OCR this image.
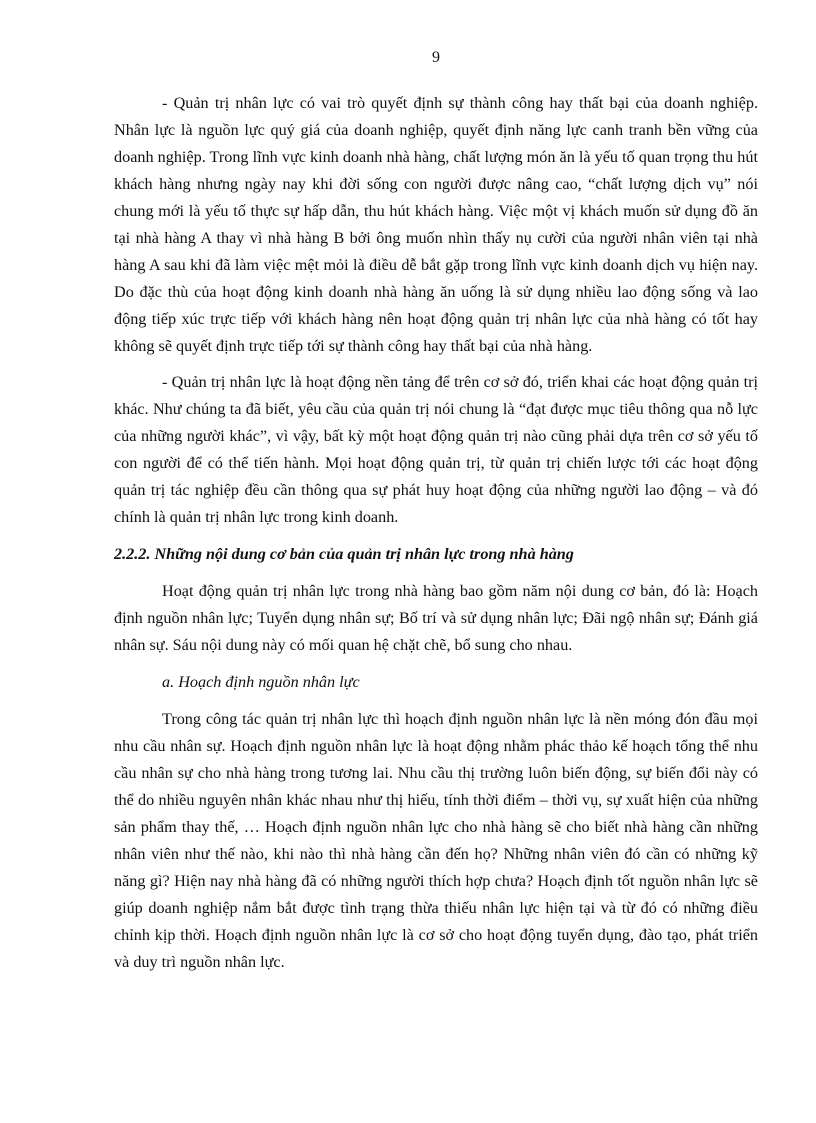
9

- Quản trị nhân lực có vai trò quyết định sự thành công hay thất bại của doanh nghiệp. Nhân lực là nguồn lực quý giá của doanh nghiệp, quyết định năng lực canh tranh bền vững của doanh nghiệp. Trong lĩnh vực kinh doanh nhà hàng, chất lượng món ăn là yếu tố quan trọng thu hút khách hàng nhưng ngày nay khi đời sống con người được nâng cao, “chất lượng dịch vụ” nói chung mới là yếu tố thực sự hấp dẫn, thu hút khách hàng. Việc một vị khách muốn sử dụng đồ ăn tại nhà hàng A thay vì nhà hàng B bởi ông muốn nhìn thấy nụ cười của người nhân viên tại nhà hàng A sau khi đã làm việc mệt mỏi là điều dễ bắt gặp trong lĩnh vực kinh doanh dịch vụ hiện nay. Do đặc thù của hoạt động kinh doanh nhà hàng ăn uống là sử dụng nhiều lao động sống và lao động tiếp xúc trực tiếp với khách hàng nên hoạt động quản trị nhân lực của nhà hàng có tốt hay không sẽ quyết định trực tiếp tới sự thành công hay thất bại của nhà hàng.

- Quản trị nhân lực là hoạt động nền tảng để trên cơ sở đó, triển khai các hoạt động quản trị khác. Như chúng ta đã biết, yêu cầu của quản trị nói chung là “đạt được mục tiêu thông qua nỗ lực của những người khác”, vì vậy, bất kỳ một hoạt động quản trị nào cũng phải dựa trên cơ sở yếu tố con người để có thể tiến hành. Mọi hoạt động quản trị, từ quản trị chiến lược tới các hoạt động quản trị tác nghiệp đều cần thông qua sự phát huy hoạt động của những người lao động – và đó chính là quản trị nhân lực trong kinh doanh.

2.2.2. Những nội dung cơ bản của quản trị nhân lực trong nhà hàng

Hoạt động quản trị nhân lực trong nhà hàng bao gồm năm nội dung cơ bản, đó là: Hoạch định nguồn nhân lực; Tuyển dụng nhân sự; Bố trí và sử dụng nhân lực; Đãi ngộ nhân sự; Đánh giá nhân sự. Sáu nội dung này có mối quan hệ chặt chẽ, bổ sung cho nhau.

a. Hoạch định nguồn nhân lực

Trong công tác quản trị nhân lực thì hoạch định nguồn nhân lực là nền móng đón đầu mọi nhu cầu nhân sự. Hoạch định nguồn nhân lực là hoạt động nhằm phác thảo kế hoạch tổng thể nhu cầu nhân sự cho nhà hàng trong tương lai. Nhu cầu thị trường luôn biến động, sự biến đổi này có thể do nhiều nguyên nhân khác nhau như thị hiếu, tính thời điểm – thời vụ, sự xuất hiện của những sản phẩm thay thế, … Hoạch định nguồn nhân lực cho nhà hàng sẽ cho biết nhà hàng cần những nhân viên như thế nào, khi nào thì nhà hàng cần đến họ? Những nhân viên đó cần có những kỹ năng gì? Hiện nay nhà hàng đã có những người thích hợp chưa? Hoạch định tốt nguồn nhân lực sẽ giúp doanh nghiệp nắm bắt được tình trạng thừa thiếu nhân lực hiện tại và từ đó có những điều chỉnh kịp thời. Hoạch định nguồn nhân lực là cơ sở cho hoạt động tuyển dụng, đào tạo, phát triển và duy trì nguồn nhân lực.
